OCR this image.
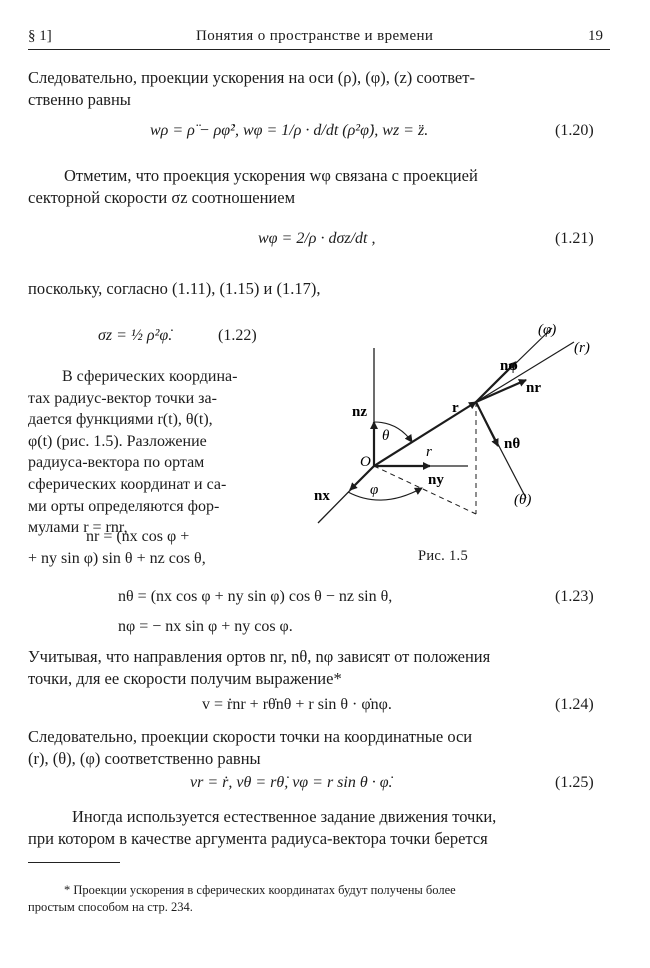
§ 1]	Понятия о пространстве и времени	19
Следовательно, проекции ускорения на оси (ρ), (φ), (z) соответ-
ственно равны
wρ = ρ̈ − ρφ̇², wφ = 1/ρ · d/dt (ρ²φ̇), wz = z̈.	(1.20)
Отметим, что проекция ускорения wφ связана с проекцией
секторной скорости σz соотношением
wφ = 2/ρ · dσz/dt ,	(1.21)
поскольку, согласно (1.11), (1.15) и (1.17),
σz = ½ ρ²φ̇.	(1.22)
В сферических координа-
тах радиус-вектор точки за-
дается функциями r(t), θ(t),
φ(t) (рис. 1.5). Разложение
радиуса-вектора по ортам
сферических координат и са-
ми орты определяются фор-
мулами r = rnr,
nr = (nx cos φ +
+ ny sin φ) sin θ + nz cos θ,
(φ)
(r)
(θ)
nφ
nr
nz
nθ
r
r
θ
φ
O
nx
ny
Рис. 1.5
nθ = (nx cos φ + ny sin φ) cos θ − nz sin θ,	(1.23)
nφ = − nx sin φ + ny cos φ.
Учитывая, что направления ортов nr, nθ, nφ зависят от положения
точки, для ее скорости получим выражение*
v = ṙnr + rθ̇nθ + r sin θ · φ̇nφ.	(1.24)
Следовательно, проекции скорости точки на координатные оси
(r), (θ), (φ) соответственно равны
vr = ṙ, vθ = rθ̇, vφ = r sin θ · φ̇.	(1.25)
Иногда используется естественное задание движения точки,
при котором в качестве аргумента радиуса-вектора точки берется
* Проекции ускорения в сферических координатах будут получены более
простым способом на стр. 234.
